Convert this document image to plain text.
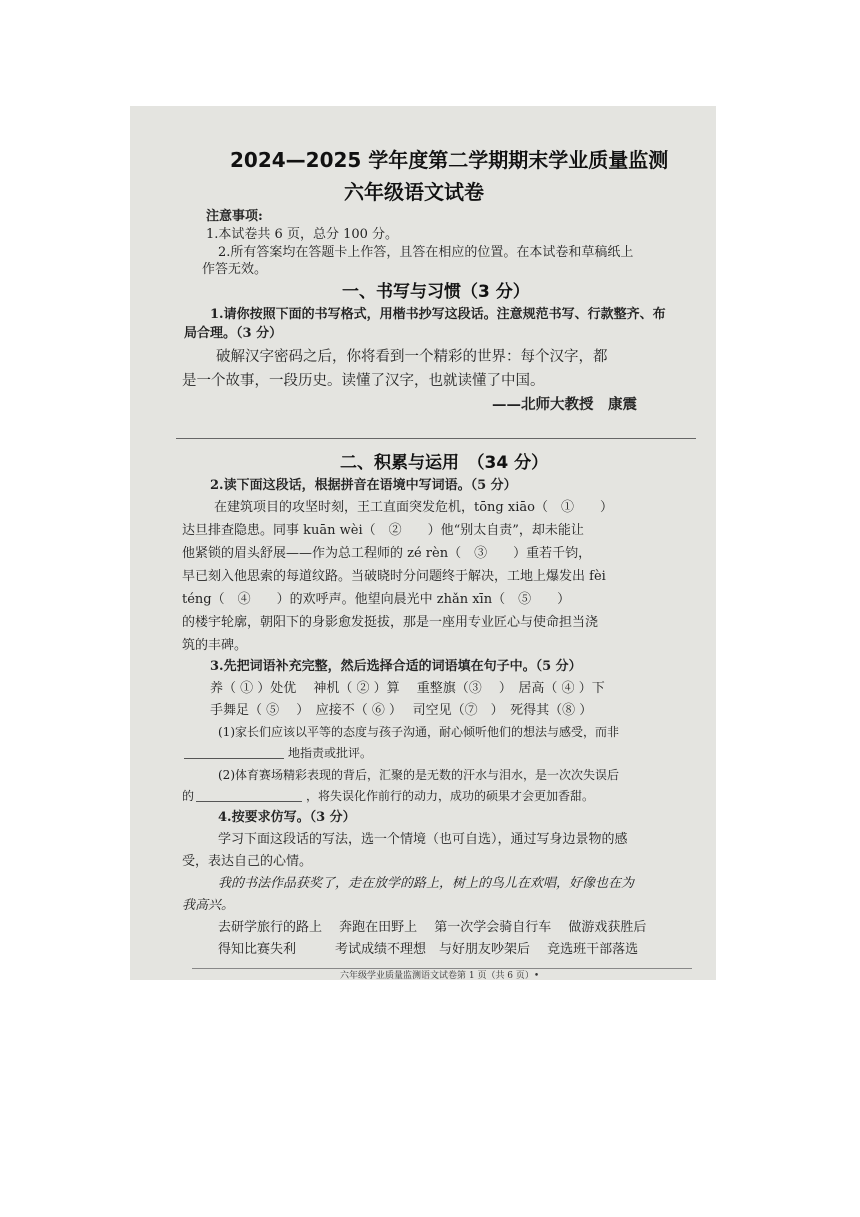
2024—2025 学年度第二学期期末学业质量监测
六年级语文试卷
注意事项:
1.本试卷共 6 页，总分 100 分。
2.所有答案均在答题卡上作答，且答在相应的位置。在本试卷和草稿纸上
作答无效。
一、书写与习惯（3 分）
1.请你按照下面的书写格式，用楷书抄写这段话。注意规范书写、行款整齐、布
局合理。（3 分）
破解汉字密码之后，你将看到一个精彩的世界：每个汉字，都
是一个故事，一段历史。读懂了汉字，也就读懂了中国。
——北师大教授　康震
二、积累与运用　（34 分）
2.读下面这段话，根据拼音在语境中写词语。（5 分）
在建筑项目的攻坚时刻，王工直面突发危机，tōng xiāo（　①　　）
达旦排查隐患。同事 kuān wèi（　②　　）他“别太自责”，却未能让
他紧锁的眉头舒展——作为总工程师的 zé rèn（　③　　）重若千钧，
早已刻入他思索的每道纹路。当破晓时分问题终于解决，工地上爆发出 fèi
téng（　④　　）的欢呼声。他望向晨光中 zhǎn xīn（　⑤　　）
的楼宇轮廓，朝阳下的身影愈发挺拔，那是一座用专业匠心与使命担当浇
筑的丰碑。
3.先把词语补充完整，然后选择合适的词语填在句子中。（5 分）
养（ ① ）处优　 神机（ ② ）算　 重整旗（③　 ）　居高（ ④ ）下
手舞足（ ⑤　 ）　应接不（ ⑥ ）　 司空见（⑦　）　死得其（⑧ ）
(1)家长们应该以平等的态度与孩子沟通，耐心倾听他们的想法与感受，而非
地指责或批评。
(2)体育赛场精彩表现的背后，汇聚的是无数的汗水与泪水，是一次次失误后
的	，将失误化作前行的动力，成功的硕果才会更加香甜。
4.按要求仿写。（3 分）
学习下面这段话的写法，选一个情境（也可自选），通过写身边景物的感
受，表达自己的心情。
我的书法作品获奖了，走在放学的路上，树上的鸟儿在欢唱，好像也在为
我高兴。
去研学旅行的路上　 奔跑在田野上　 第一次学会骑自行车　 做游戏获胜后
得知比赛失利　　　考试成绩不理想　与好朋友吵架后　 竞选班干部落选
六年级学业质量监测语文试卷第 1 页（共 6 页）•
